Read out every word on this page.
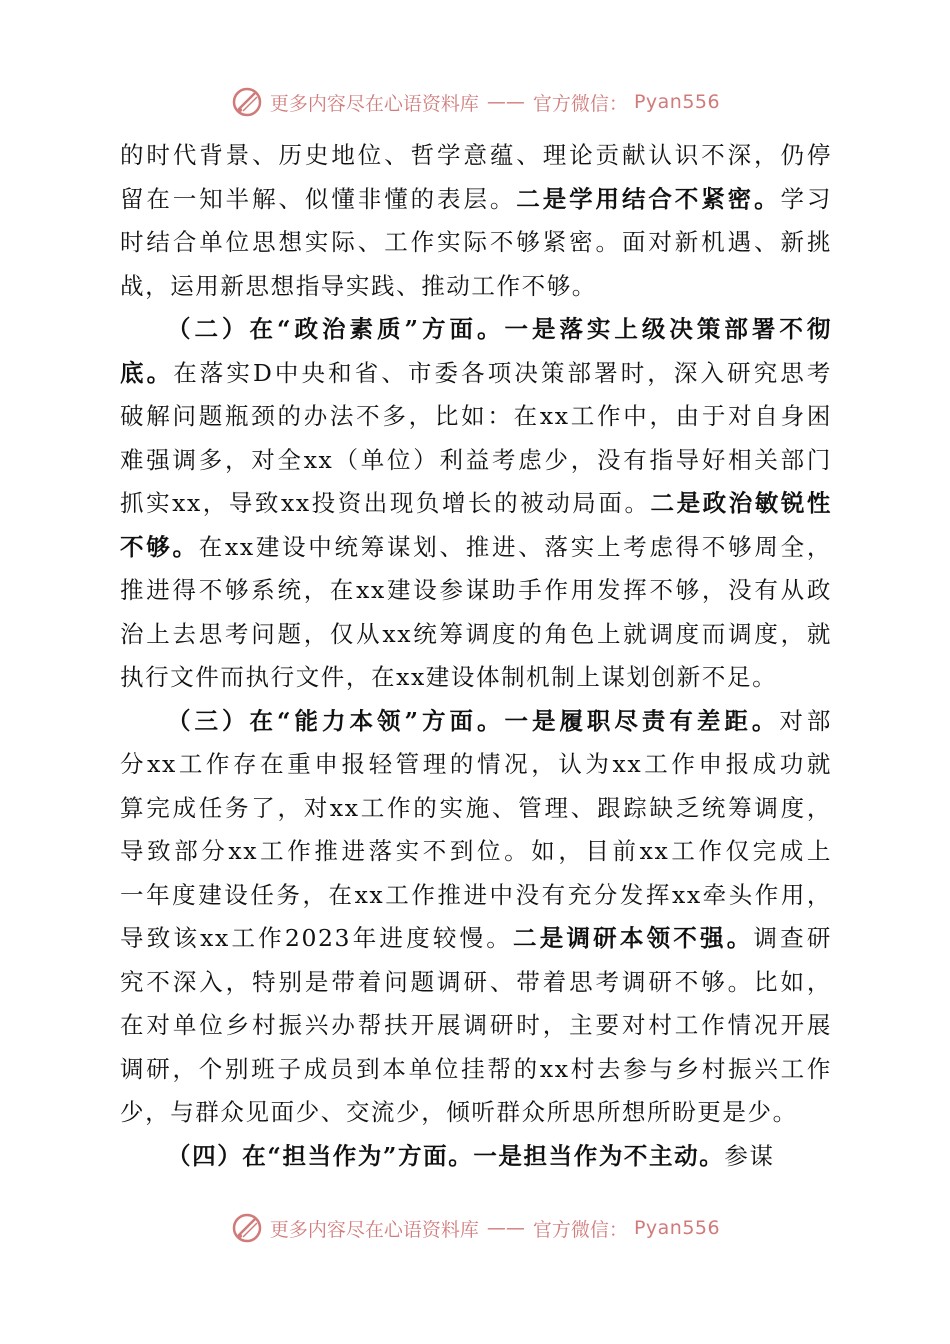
更多内容尽在心语资料库 —— 官方微信： Pyan556
的时代背景、历史地位、哲学意蕴、理论贡献认识不深，仍停
留在一知半解、似懂非懂的表层。二是学用结合不紧密。学习
时结合单位思想实际、工作实际不够紧密。面对新机遇、新挑
战，运用新思想指导实践、推动工作不够。
（二）在“政治素质”方面。一是落实上级决策部署不彻
底。在落实D中央和省、市委各项决策部署时，深入研究思考
破解问题瓶颈的办法不多，比如：在xx工作中，由于对自身困
难强调多，对全xx（单位）利益考虑少，没有指导好相关部门
抓实xx，导致xx投资出现负增长的被动局面。二是政治敏锐性
不够。在xx建设中统筹谋划、推进、落实上考虑得不够周全，
推进得不够系统，在xx建设参谋助手作用发挥不够，没有从政
治上去思考问题，仅从xx统筹调度的角色上就调度而调度，就
执行文件而执行文件，在xx建设体制机制上谋划创新不足。
（三）在“能力本领”方面。一是履职尽责有差距。对部
分xx工作存在重申报轻管理的情况，认为xx工作申报成功就
算完成任务了，对xx工作的实施、管理、跟踪缺乏统筹调度，
导致部分xx工作推进落实不到位。如，目前xx工作仅完成上
一年度建设任务，在xx工作推进中没有充分发挥xx牵头作用，
导致该xx工作2023年进度较慢。二是调研本领不强。调查研
究不深入，特别是带着问题调研、带着思考调研不够。比如，
在对单位乡村振兴办帮扶开展调研时，主要对村工作情况开展
调研，个别班子成员到本单位挂帮的xx村去参与乡村振兴工作
少，与群众见面少、交流少，倾听群众所思所想所盼更是少。
（四）在“担当作为”方面。一是担当作为不主动。参谋
更多内容尽在心语资料库 —— 官方微信： Pyan556
